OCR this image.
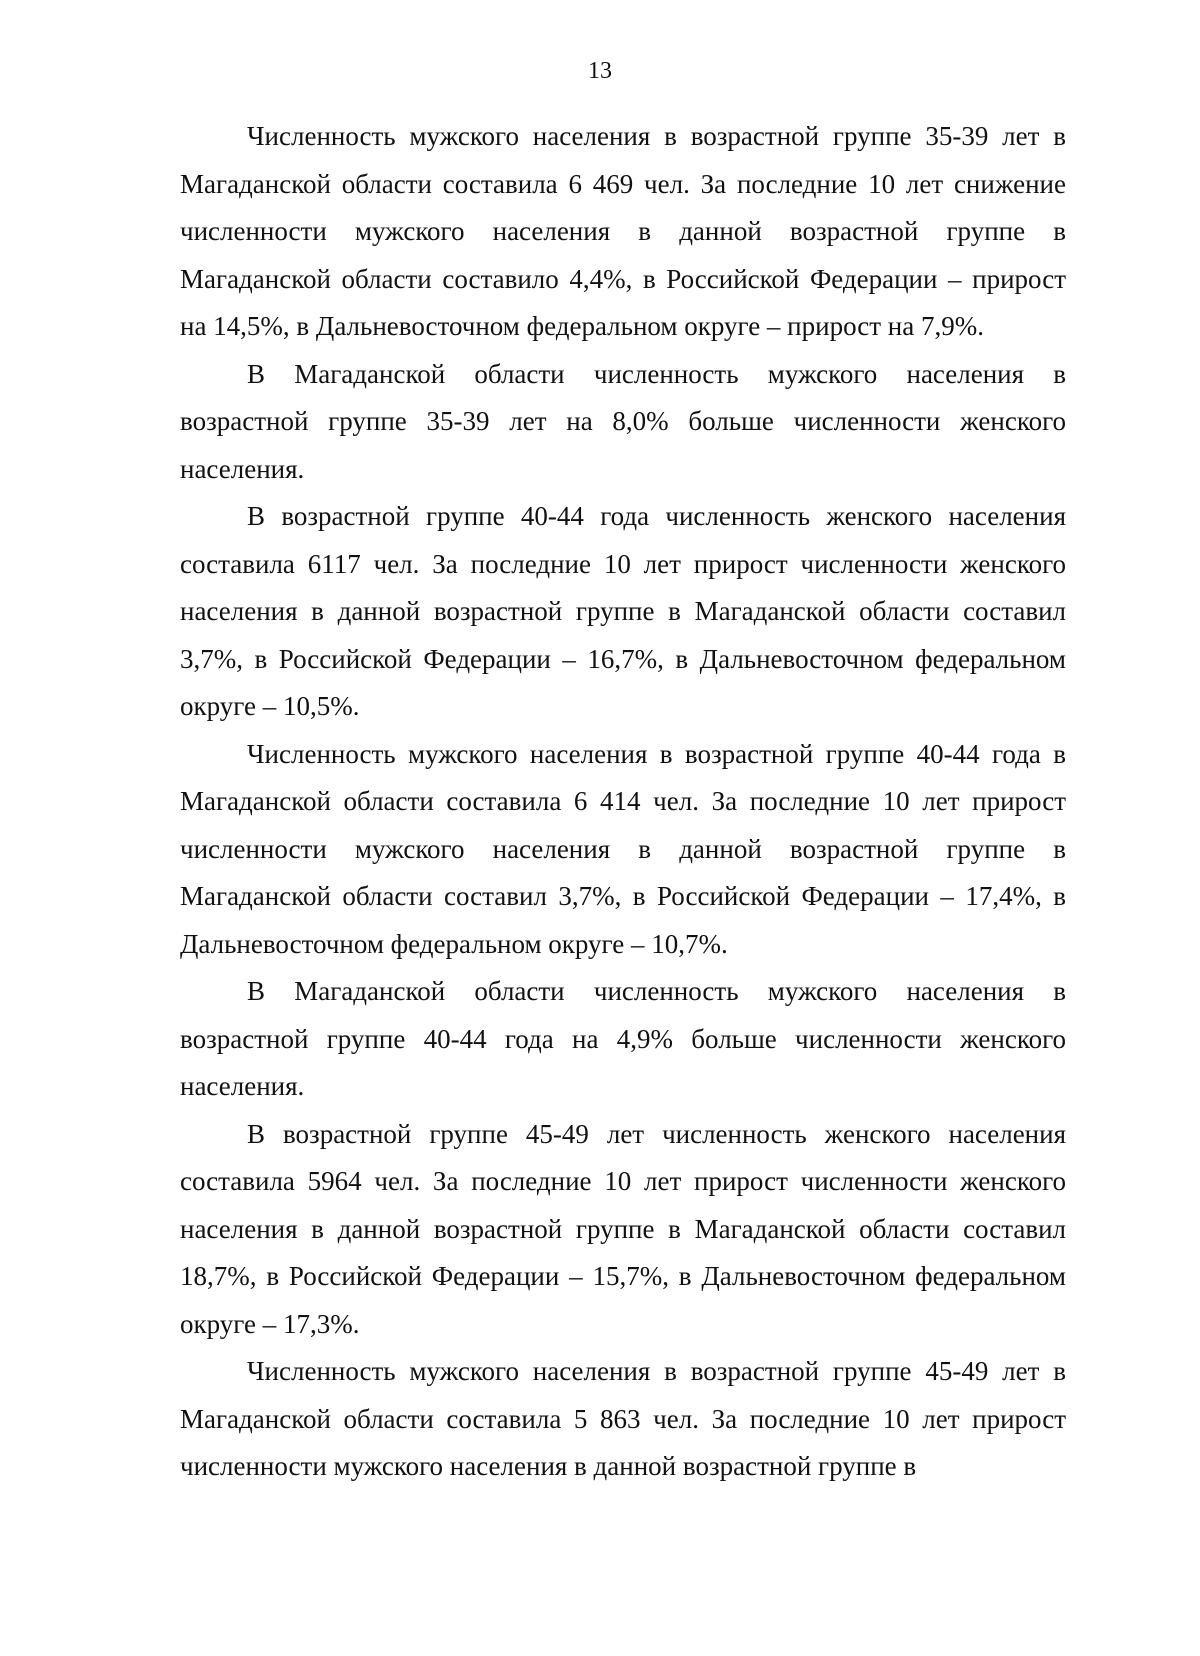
13

Численность мужского населения в возрастной группе 35-39 лет в Магаданской области составила 6 469 чел. За последние 10 лет снижение численности мужского населения в данной возрастной группе в Магаданской области составило 4,4%, в Российской Федерации – прирост на 14,5%, в Дальневосточном федеральном округе – прирост на 7,9%.

В Магаданской области численность мужского населения в возрастной группе 35-39 лет на 8,0% больше численности женского населения.

В возрастной группе 40-44 года численность женского населения составила 6117 чел. За последние 10 лет прирост численности женского населения в данной возрастной группе в Магаданской области составил 3,7%, в Российской Федерации – 16,7%, в Дальневосточном федеральном округе – 10,5%.

Численность мужского населения в возрастной группе 40-44 года в Магаданской области составила 6 414 чел. За последние 10 лет прирост численности мужского населения в данной возрастной группе в Магаданской области составил 3,7%, в Российской Федерации – 17,4%, в Дальневосточном федеральном округе – 10,7%.

В Магаданской области численность мужского населения в возрастной группе 40-44 года на 4,9% больше численности женского населения.

В возрастной группе 45-49 лет численность женского населения составила 5964 чел. За последние 10 лет прирост численности женского населения в данной возрастной группе в Магаданской области составил 18,7%, в Российской Федерации – 15,7%, в Дальневосточном федеральном округе – 17,3%.

Численность мужского населения в возрастной группе 45-49 лет в Магаданской области составила 5 863 чел. За последние 10 лет прирост численности мужского населения в данной возрастной группе в
